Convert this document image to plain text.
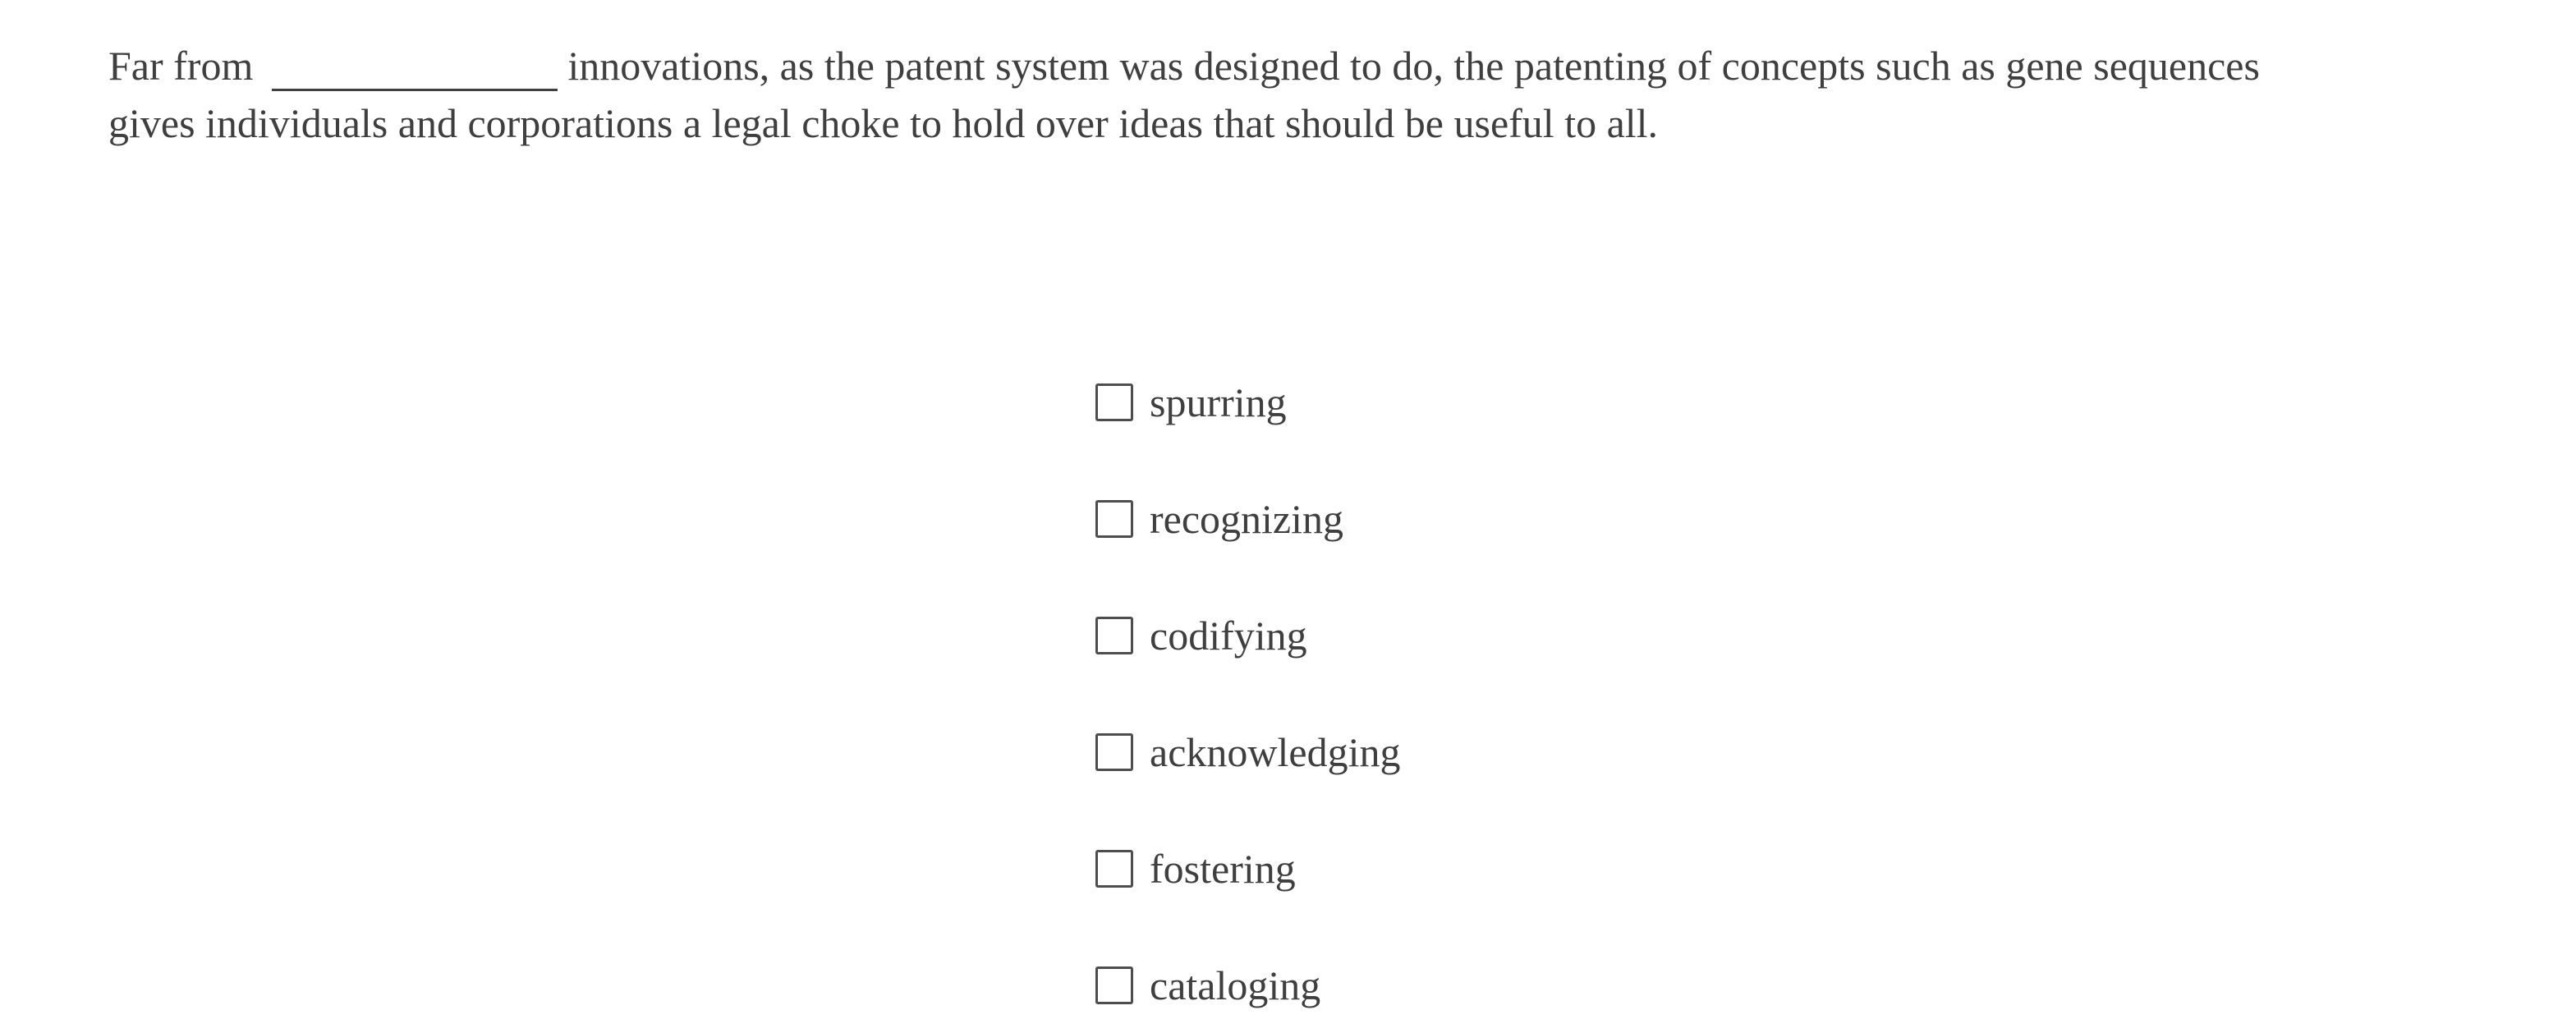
Far from	innovations, as the patent system was designed to do, the patenting of concepts such as gene sequences
gives individuals and corporations a legal choke to hold over ideas that should be useful to all.

spurring
recognizing
codifying
acknowledging
fostering
cataloging
